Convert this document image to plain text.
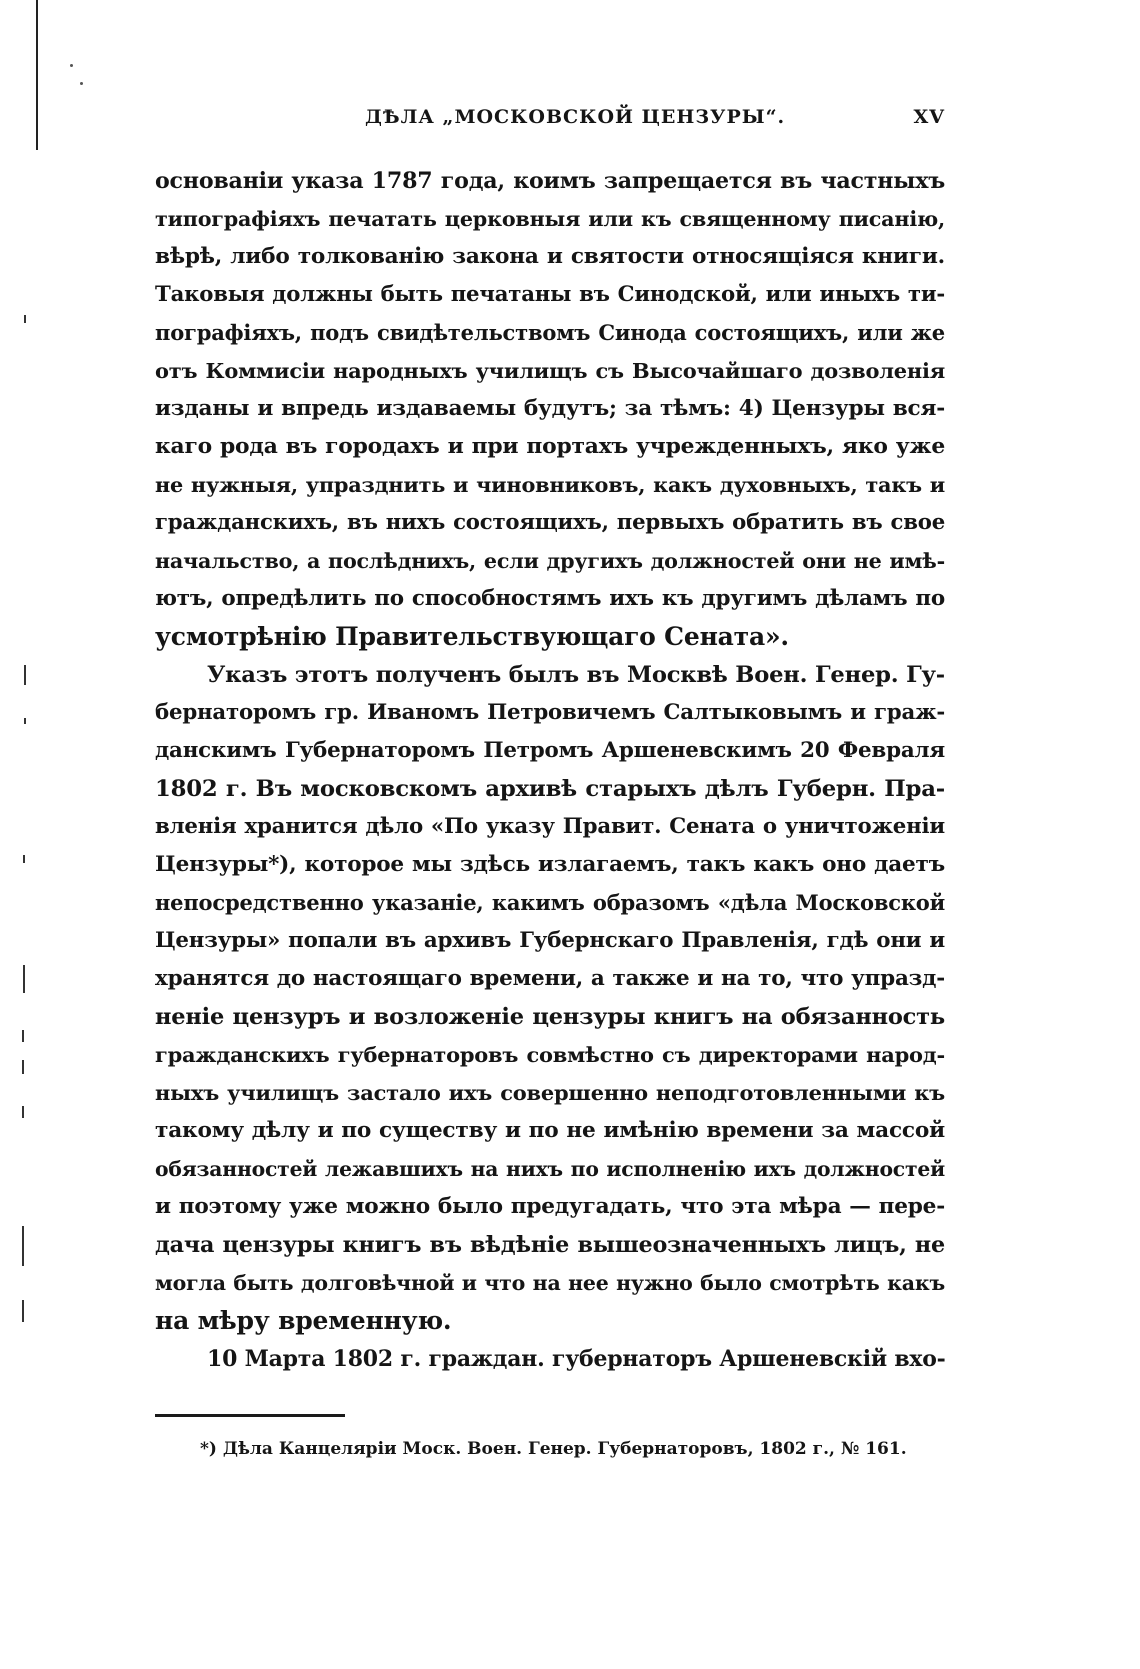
ДѢЛА „МОСКОВСКОЙ ЦЕНЗУРЫ“.	XV
основаніи указа 1787 года, коимъ запрещается въ частныхъ
типографіяхъ печатать церковныя или къ священному писанію,
вѣрѣ, либо толкованію закона и святости относящіяся книги.
Таковыя должны быть печатаны въ Синодской, или иныхъ ти-
пографіяхъ, подъ свидѣтельствомъ Синода состоящихъ, или же
отъ Коммисіи народныхъ училищъ съ Высочайшаго дозволенія
изданы и впредь издаваемы будутъ; за тѣмъ: 4) Цензуры вся-
каго рода въ городахъ и при портахъ учрежденныхъ, яко уже
не нужныя, упразднить и чиновниковъ, какъ духовныхъ, такъ и
гражданскихъ, въ нихъ состоящихъ, первыхъ обратить въ свое
начальство, а послѣднихъ, если другихъ должностей они не имѣ-
ютъ, опредѣлить по способностямъ ихъ къ другимъ дѣламъ по
усмотрѣнію Правительствующаго Сената».
Указъ этотъ полученъ былъ въ Москвѣ Воен. Генер. Гу-
бернаторомъ гр. Иваномъ Петровичемъ Салтыковымъ и граж-
данскимъ Губернаторомъ Петромъ Аршеневскимъ 20 Февраля
1802 г. Въ московскомъ архивѣ старыхъ дѣлъ Губерн. Пра-
вленія хранится дѣло «По указу Правит. Сената о уничтоженіи
Цензуры*), которое мы здѣсь излагаемъ, такъ какъ оно даетъ
непосредственно указаніе, какимъ образомъ «дѣла Московской
Цензуры» попали въ архивъ Губернскаго Правленія, гдѣ они и
хранятся до настоящаго времени, а также и на то, что упразд-
неніе цензуръ и возложеніе цензуры книгъ на обязанность
гражданскихъ губернаторовъ совмѣстно съ директорами народ-
ныхъ училищъ застало ихъ совершенно неподготовленными къ
такому дѣлу и по существу и по не имѣнію времени за массой
обязанностей лежавшихъ на нихъ по исполненію ихъ должностей
и поэтому уже можно было предугадать, что эта мѣра — пере-
дача цензуры книгъ въ вѣдѣніе вышеозначенныхъ лицъ, не
могла быть долговѣчной и что на нее нужно было смотрѣть какъ
на мѣру временную.
10 Марта 1802 г. граждан. губернаторъ Аршеневскій вхо-
*) Дѣла Канцеляріи Моск. Воен. Генер. Губернаторовъ, 1802 г., № 161.
